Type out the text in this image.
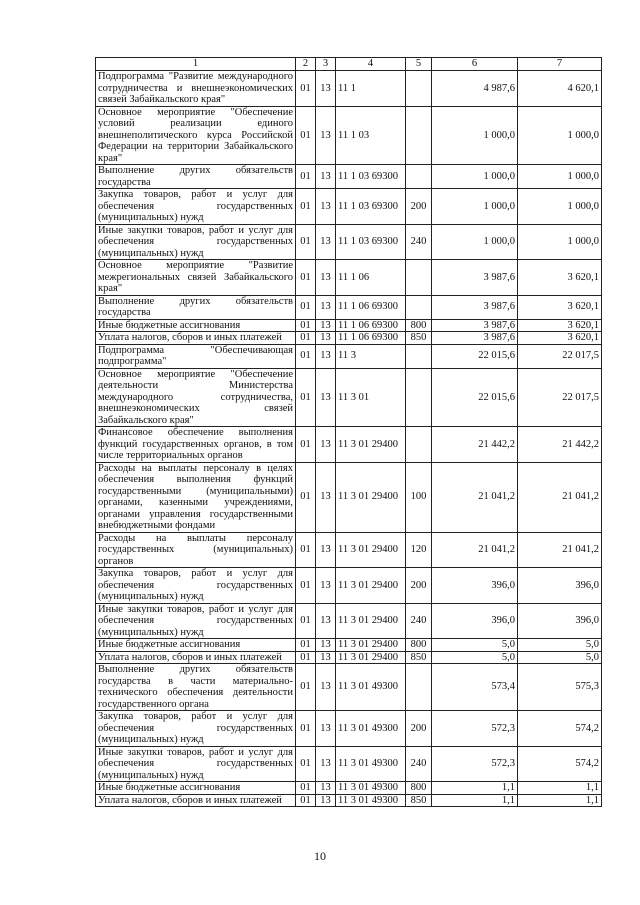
1	2	3	4	5	6	7
Подпрограмма "Развитие международного сотрудничества и внешнеэкономических связей Забайкальского края"	01	13	11 1		4 987,6	4 620,1
Основное мероприятие "Обеспечение условий реализации единого внешнеполитического курса Российской Федерации на территории Забайкальского края"	01	13	11 1 03		1 000,0	1 000,0
Выполнение других обязательств государства	01	13	11 1 03 69300		1 000,0	1 000,0
Закупка товаров, работ и услуг для обеспечения государственных (муниципальных) нужд	01	13	11 1 03 69300	200	1 000,0	1 000,0
Иные закупки товаров, работ и услуг для обеспечения государственных (муниципальных) нужд	01	13	11 1 03 69300	240	1 000,0	1 000,0
Основное мероприятие "Развитие межрегиональных связей Забайкальского края"	01	13	11 1 06		3 987,6	3 620,1
Выполнение других обязательств государства	01	13	11 1 06 69300		3 987,6	3 620,1
Иные бюджетные ассигнования	01	13	11 1 06 69300	800	3 987,6	3 620,1
Уплата налогов, сборов и иных платежей	01	13	11 1 06 69300	850	3 987,6	3 620,1
Подпрограмма "Обеспечивающая подпрограмма"	01	13	11 3		22 015,6	22 017,5
Основное мероприятие "Обеспечение деятельности Министерства международного сотрудничества, внешнеэкономических связей Забайкальского края"	01	13	11 3 01		22 015,6	22 017,5
Финансовое обеспечение выполнения функций государственных органов, в том числе территориальных органов	01	13	11 3 01 29400		21 442,2	21 442,2
Расходы на выплаты персоналу в целях обеспечения выполнения функций государственными (муниципальными) органами, казенными учреждениями, органами управления государственными внебюджетными фондами	01	13	11 3 01 29400	100	21 041,2	21 041,2
Расходы на выплаты персоналу государственных (муниципальных) органов	01	13	11 3 01 29400	120	21 041,2	21 041,2
Закупка товаров, работ и услуг для обеспечения государственных (муниципальных) нужд	01	13	11 3 01 29400	200	396,0	396,0
Иные закупки товаров, работ и услуг для обеспечения государственных (муниципальных) нужд	01	13	11 3 01 29400	240	396,0	396,0
Иные бюджетные ассигнования	01	13	11 3 01 29400	800	5,0	5,0
Уплата налогов, сборов и иных платежей	01	13	11 3 01 29400	850	5,0	5,0
Выполнение других обязательств государства в части материально-технического обеспечения деятельности государственного органа	01	13	11 3 01 49300		573,4	575,3
Закупка товаров, работ и услуг для обеспечения государственных (муниципальных) нужд	01	13	11 3 01 49300	200	572,3	574,2
Иные закупки товаров, работ и услуг для обеспечения государственных (муниципальных) нужд	01	13	11 3 01 49300	240	572,3	574,2
Иные бюджетные ассигнования	01	13	11 3 01 49300	800	1,1	1,1
Уплата налогов, сборов и иных платежей	01	13	11 3 01 49300	850	1,1	1,1
10
